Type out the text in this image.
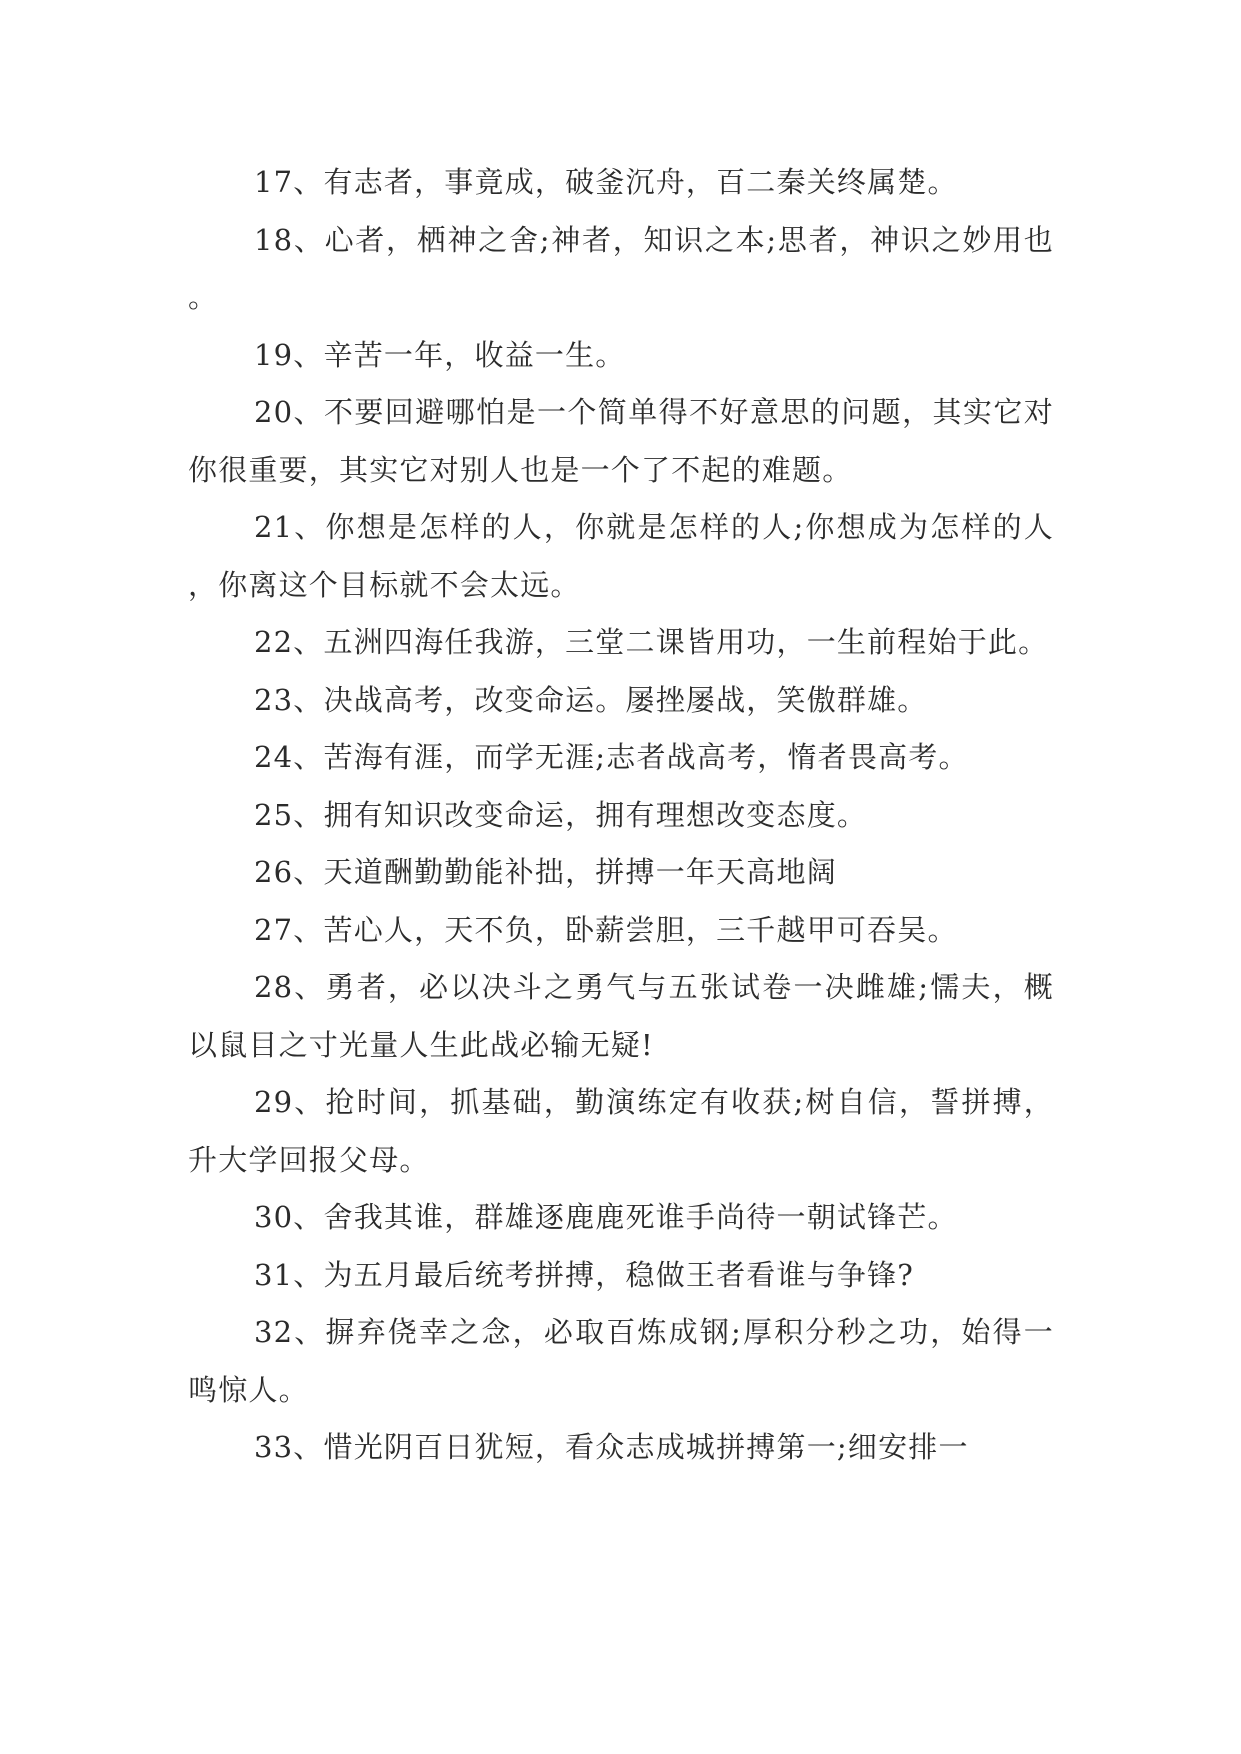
17、有志者，事竟成，破釜沉舟，百二秦关终属楚。

18、心者，栖神之舍;神者，知识之本;思者，神识之妙用也。

19、辛苦一年，收益一生。

20、不要回避哪怕是一个简单得不好意思的问题，其实它对你很重要，其实它对别人也是一个了不起的难题。

21、你想是怎样的人，你就是怎样的人;你想成为怎样的人，你离这个目标就不会太远。

22、五洲四海任我游，三堂二课皆用功，一生前程始于此。

23、决战高考，改变命运。屡挫屡战，笑傲群雄。

24、苦海有涯，而学无涯;志者战高考，惰者畏高考。

25、拥有知识改变命运，拥有理想改变态度。

26、天道酬勤勤能补拙，拼搏一年天高地阔

27、苦心人，天不负，卧薪尝胆，三千越甲可吞吴。

28、勇者，必以决斗之勇气与五张试卷一决雌雄;懦夫，概以鼠目之寸光量人生此战必输无疑!

29、抢时间，抓基础，勤演练定有收获;树自信，誓拼搏，升大学回报父母。

30、舍我其谁，群雄逐鹿鹿死谁手尚待一朝试锋芒。

31、为五月最后统考拼搏，稳做王者看谁与争锋?

32、摒弃侥幸之念，必取百炼成钢;厚积分秒之功，始得一鸣惊人。

33、惜光阴百日犹短，看众志成城拼搏第一;细安排一
